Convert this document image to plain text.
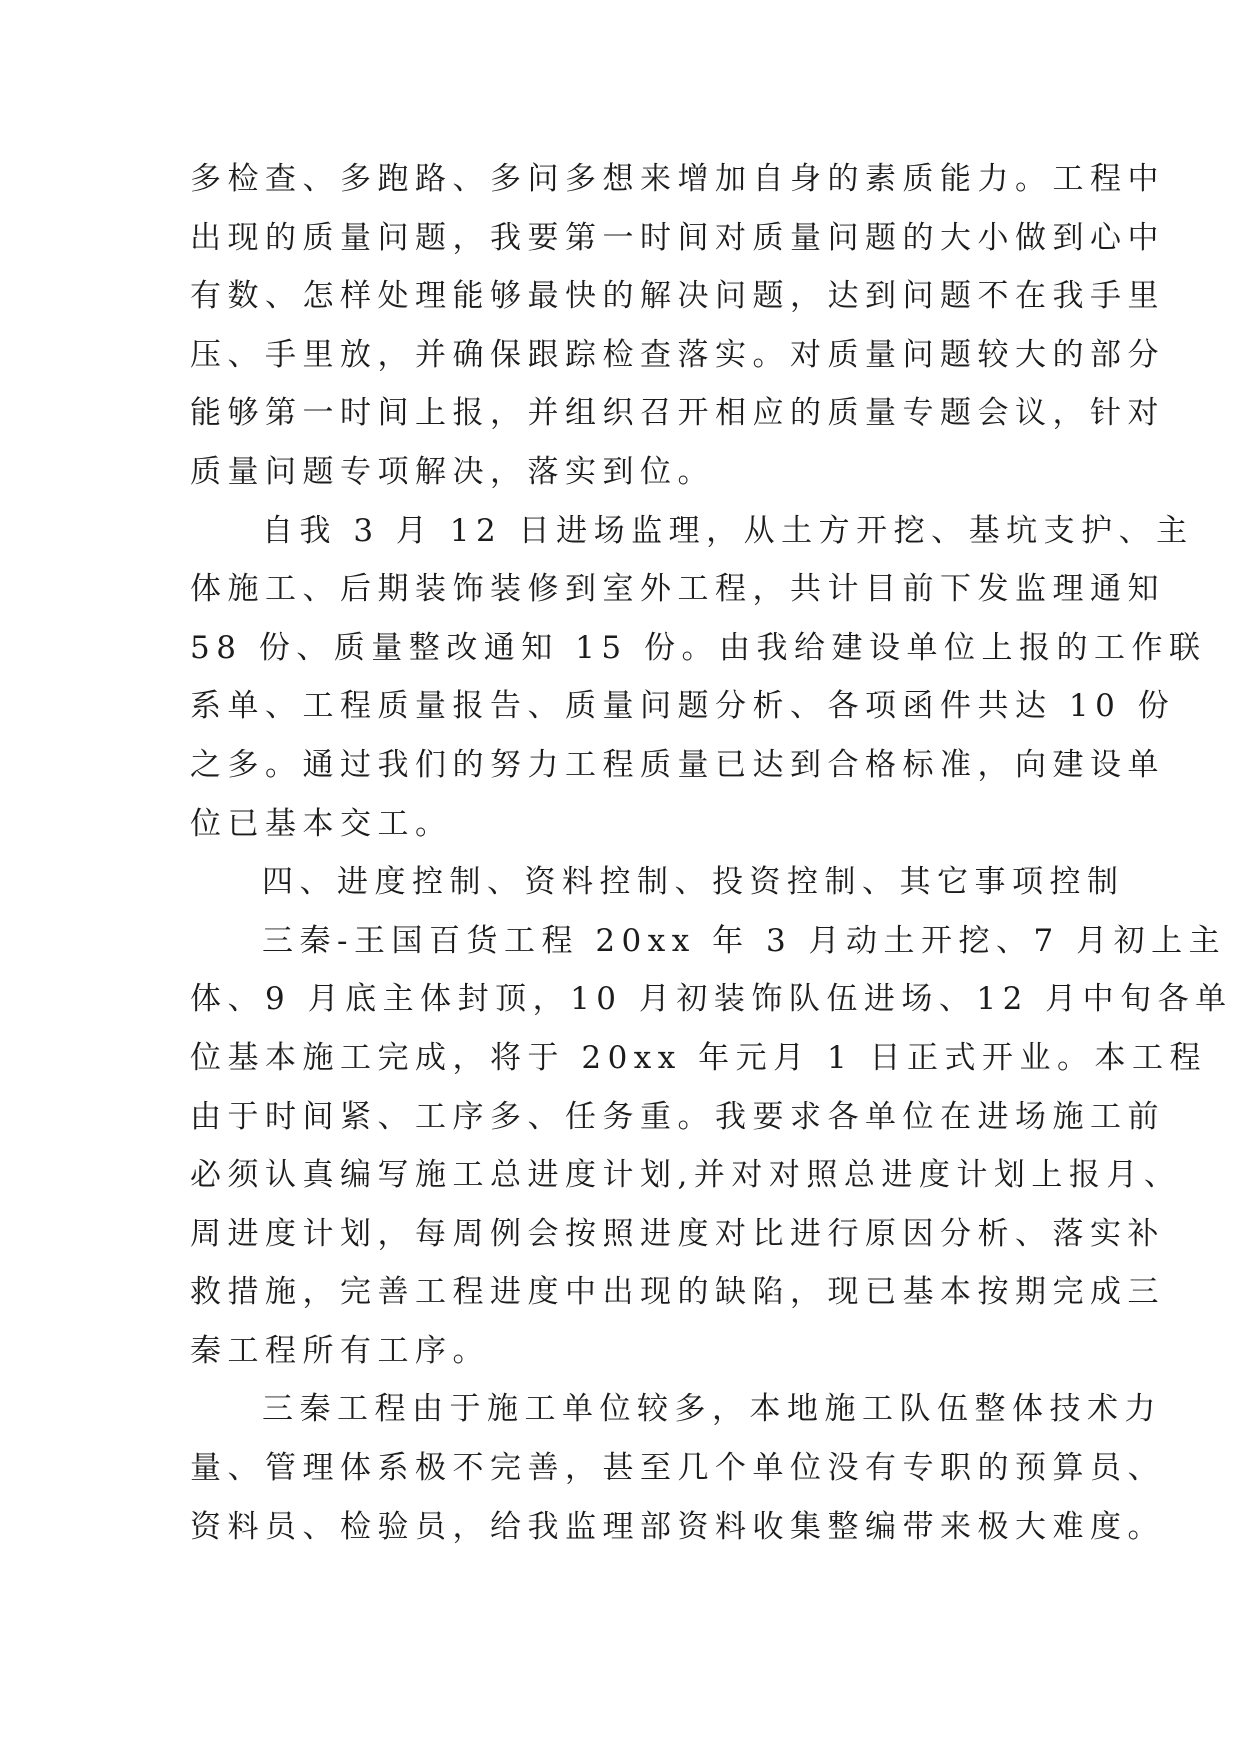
多检查、多跑路、多问多想来增加自身的素质能力。工程中
出现的质量问题，我要第一时间对质量问题的大小做到心中
有数、怎样处理能够最快的解决问题，达到问题不在我手里
压、手里放，并确保跟踪检查落实。对质量问题较大的部分
能够第一时间上报，并组织召开相应的质量专题会议，针对
质量问题专项解决，落实到位。
自我 3 月 12 日进场监理，从土方开挖、基坑支护、主
体施工、后期装饰装修到室外工程，共计目前下发监理通知
58 份、质量整改通知 15 份。由我给建设单位上报的工作联
系单、工程质量报告、质量问题分析、各项函件共达 10 份
之多。通过我们的努力工程质量已达到合格标准，向建设单
位已基本交工。
四、进度控制、资料控制、投资控制、其它事项控制
三秦-王国百货工程 20xx 年 3 月动土开挖、7 月初上主
体、9 月底主体封顶，10 月初装饰队伍进场、12 月中旬各单
位基本施工完成，将于 20xx 年元月 1 日正式开业。本工程
由于时间紧、工序多、任务重。我要求各单位在进场施工前
必须认真编写施工总进度计划,并对对照总进度计划上报月、
周进度计划，每周例会按照进度对比进行原因分析、落实补
救措施，完善工程进度中出现的缺陷，现已基本按期完成三
秦工程所有工序。
三秦工程由于施工单位较多，本地施工队伍整体技术力
量、管理体系极不完善，甚至几个单位没有专职的预算员、
资料员、检验员，给我监理部资料收集整编带来极大难度。
